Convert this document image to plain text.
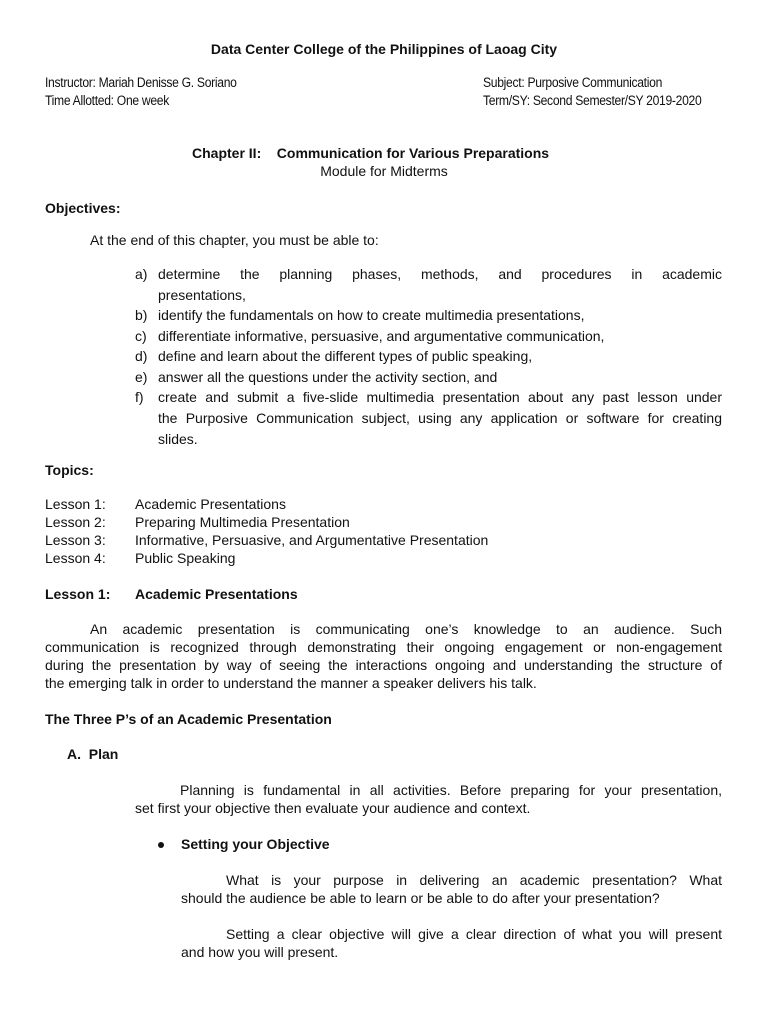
Data Center College of the Philippines of Laoag City
Instructor: Mariah Denisse G. Soriano
Time Allotted: One week
Subject: Purposive Communication
Term/SY: Second Semester/SY 2019-2020
Chapter II:    Communication for Various Preparations
Module for Midterms
Objectives:
At the end of this chapter, you must be able to:
a) determine the planning phases, methods, and procedures in academic
presentations,
b) identify the fundamentals on how to create multimedia presentations,
c) differentiate informative, persuasive, and argumentative communication,
d) define and learn about the different types of public speaking,
e) answer all the questions under the activity section, and
f) create and submit a five-slide multimedia presentation about any past lesson under
the Purposive Communication subject, using any application or software for creating
slides.
Topics:
Lesson 1: Academic Presentations
Lesson 2: Preparing Multimedia Presentation
Lesson 3: Informative, Persuasive, and Argumentative Presentation
Lesson 4: Public Speaking
Lesson 1: Academic Presentations
An academic presentation is communicating one’s knowledge to an audience. Such
communication is recognized through demonstrating their ongoing engagement or non-engagement
during the presentation by way of seeing the interactions ongoing and understanding the structure of
the emerging talk in order to understand the manner a speaker delivers his talk.
The Three P’s of an Academic Presentation
A.  Plan
Planning is fundamental in all activities. Before preparing for your presentation,
set first your objective then evaluate your audience and context.
Setting your Objective
What is your purpose in delivering an academic presentation? What
should the audience be able to learn or be able to do after your presentation?
Setting a clear objective will give a clear direction of what you will present
and how you will present.
